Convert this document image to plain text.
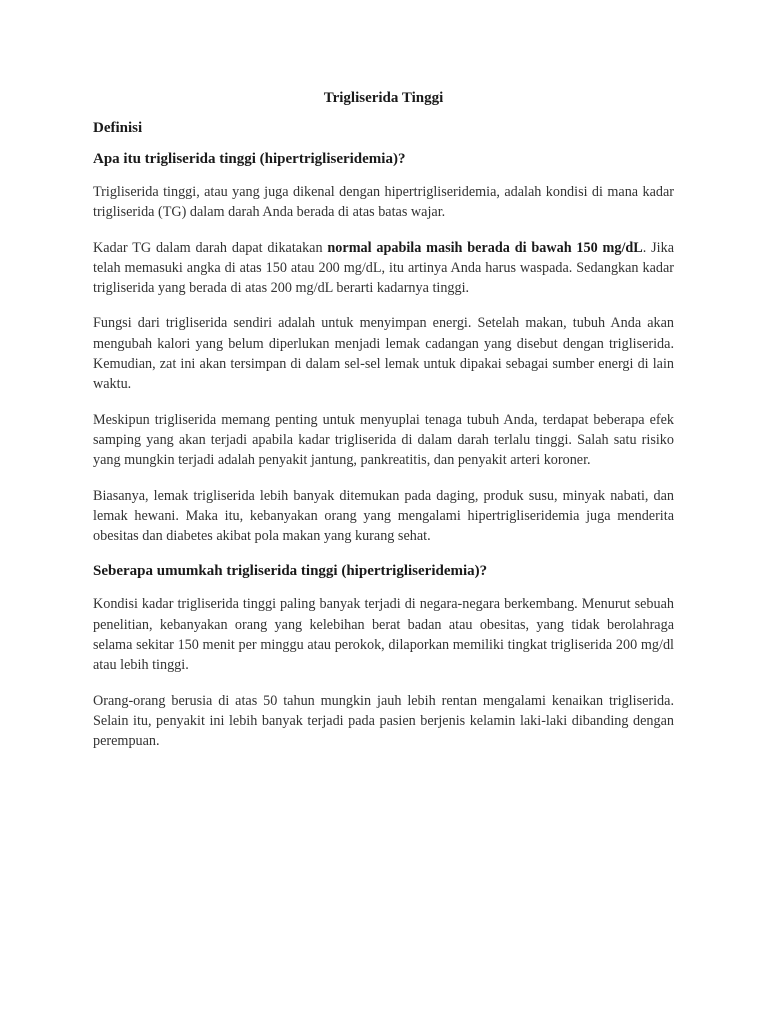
Trigliserida Tinggi
Definisi
Apa itu trigliserida tinggi (hipertrigliseridemia)?

Trigliserida tinggi, atau yang juga dikenal dengan hipertrigliseridemia, adalah kondisi di mana kadar trigliserida (TG) dalam darah Anda berada di atas batas wajar.

Kadar TG dalam darah dapat dikatakan normal apabila masih berada di bawah 150 mg/dL. Jika telah memasuki angka di atas 150 atau 200 mg/dL, itu artinya Anda harus waspada. Sedangkan kadar trigliserida yang berada di atas 200 mg/dL berarti kadarnya tinggi.

Fungsi dari trigliserida sendiri adalah untuk menyimpan energi. Setelah makan, tubuh Anda akan mengubah kalori yang belum diperlukan menjadi lemak cadangan yang disebut dengan trigliserida. Kemudian, zat ini akan tersimpan di dalam sel-sel lemak untuk dipakai sebagai sumber energi di lain waktu.

Meskipun trigliserida memang penting untuk menyuplai tenaga tubuh Anda, terdapat beberapa efek samping yang akan terjadi apabila kadar trigliserida di dalam darah terlalu tinggi. Salah satu risiko yang mungkin terjadi adalah penyakit jantung, pankreatitis, dan penyakit arteri koroner.

Biasanya, lemak trigliserida lebih banyak ditemukan pada daging, produk susu, minyak nabati, dan lemak hewani. Maka itu, kebanyakan orang yang mengalami hipertrigliseridemia juga menderita obesitas dan diabetes akibat pola makan yang kurang sehat.

Seberapa umumkah trigliserida tinggi (hipertrigliseridemia)?

Kondisi kadar trigliserida tinggi paling banyak terjadi di negara-negara berkembang. Menurut sebuah penelitian, kebanyakan orang yang kelebihan berat badan atau obesitas, yang tidak berolahraga selama sekitar 150 menit per minggu atau perokok, dilaporkan memiliki tingkat trigliserida 200 mg/dl atau lebih tinggi.

Orang-orang berusia di atas 50 tahun mungkin jauh lebih rentan mengalami kenaikan trigliserida. Selain itu, penyakit ini lebih banyak terjadi pada pasien berjenis kelamin laki-laki dibanding dengan perempuan.
